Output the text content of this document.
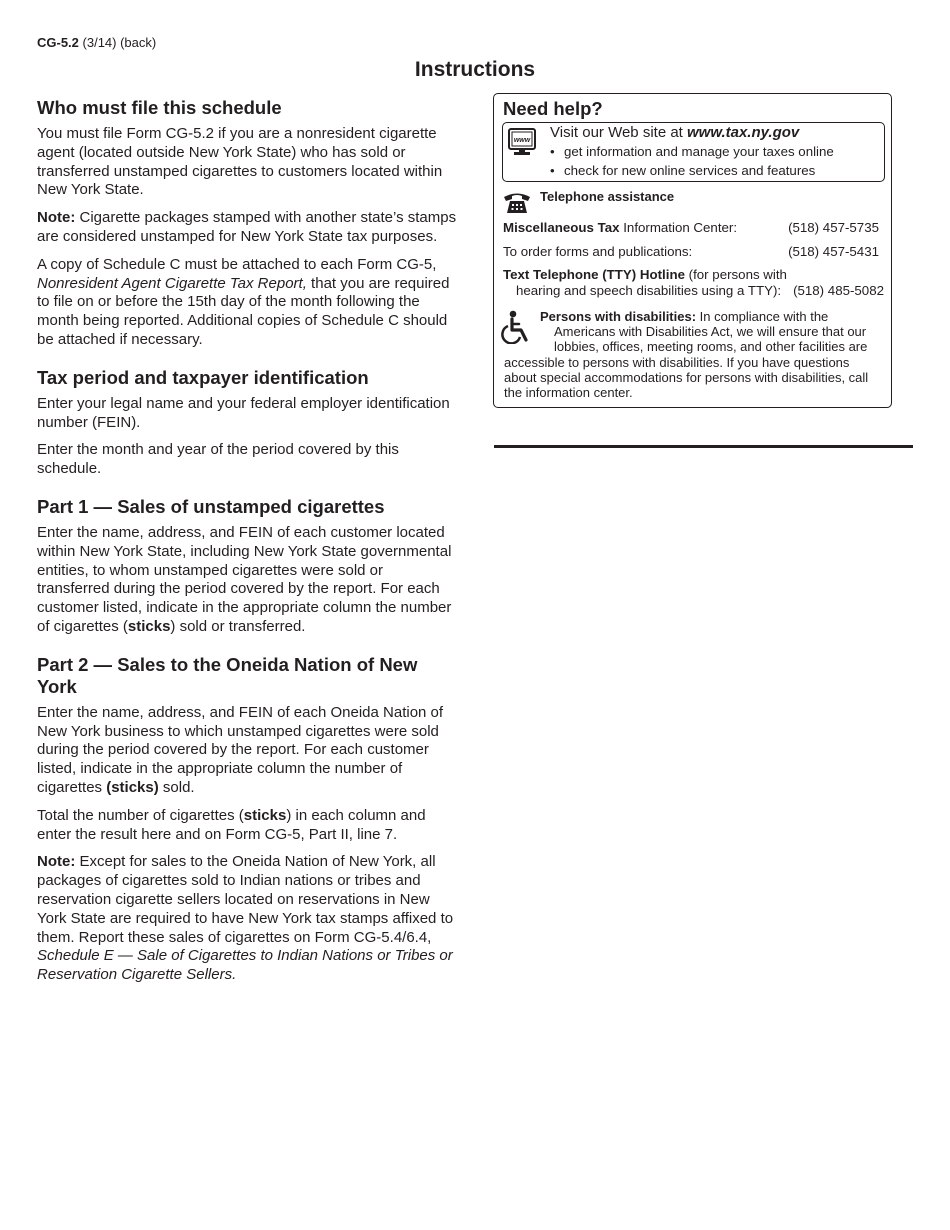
CG-5.2 (3/14) (back)
Instructions
Who must file this schedule

You must file Form CG-5.2 if you are a nonresident cigarette agent (located outside New York State) who has sold or transferred unstamped cigarettes to customers located within New York State.

Note: Cigarette packages stamped with another state’s stamps are considered unstamped for New York State tax purposes.

A copy of Schedule C must be attached to each Form CG-5, Nonresident Agent Cigarette Tax Report, that you are required to file on or before the 15th day of the month following the month being reported. Additional copies of Schedule C should be attached if necessary.

Tax period and taxpayer identification

Enter your legal name and your federal employer identification number (FEIN).

Enter the month and year of the period covered by this schedule.

Part 1 — Sales of unstamped cigarettes

Enter the name, address, and FEIN of each customer located within New York State, including New York State governmental entities, to whom unstamped cigarettes were sold or transferred during the period covered by the report. For each customer listed, indicate in the appropriate column the number of cigarettes (sticks) sold or transferred.

Part 2 — Sales to the Oneida Nation of New York

Enter the name, address, and FEIN of each Oneida Nation of New York business to which unstamped cigarettes were sold during the period covered by the report. For each customer listed, indicate in the appropriate column the number of cigarettes (sticks) sold.

Total the number of cigarettes (sticks) in each column and enter the result here and on Form CG-5, Part II, line 7.

Note: Except for sales to the Oneida Nation of New York, all packages of cigarettes sold to Indian nations or tribes and reservation cigarette sellers located on reservations in New York State are required to have New York tax stamps affixed to them. Report these sales of cigarettes on Form CG-5.4/6.4, Schedule E — Sale of Cigarettes to Indian Nations or Tribes or Reservation Cigarette Sellers.

Need help?
www Visit our Web site at www.tax.ny.gov
• get information and manage your taxes online
• check for new online services and features
Telephone assistance
Miscellaneous Tax Information Center:	(518) 457-5735
To order forms and publications:	(518) 457-5431
Text Telephone (TTY) Hotline (for persons with
hearing and speech disabilities using a TTY): (518) 485-5082
Persons with disabilities: In compliance with the
Americans with Disabilities Act, we will ensure that our
lobbies, offices, meeting rooms, and other facilities are
accessible to persons with disabilities. If you have questions
about special accommodations for persons with disabilities, call
the information center.
